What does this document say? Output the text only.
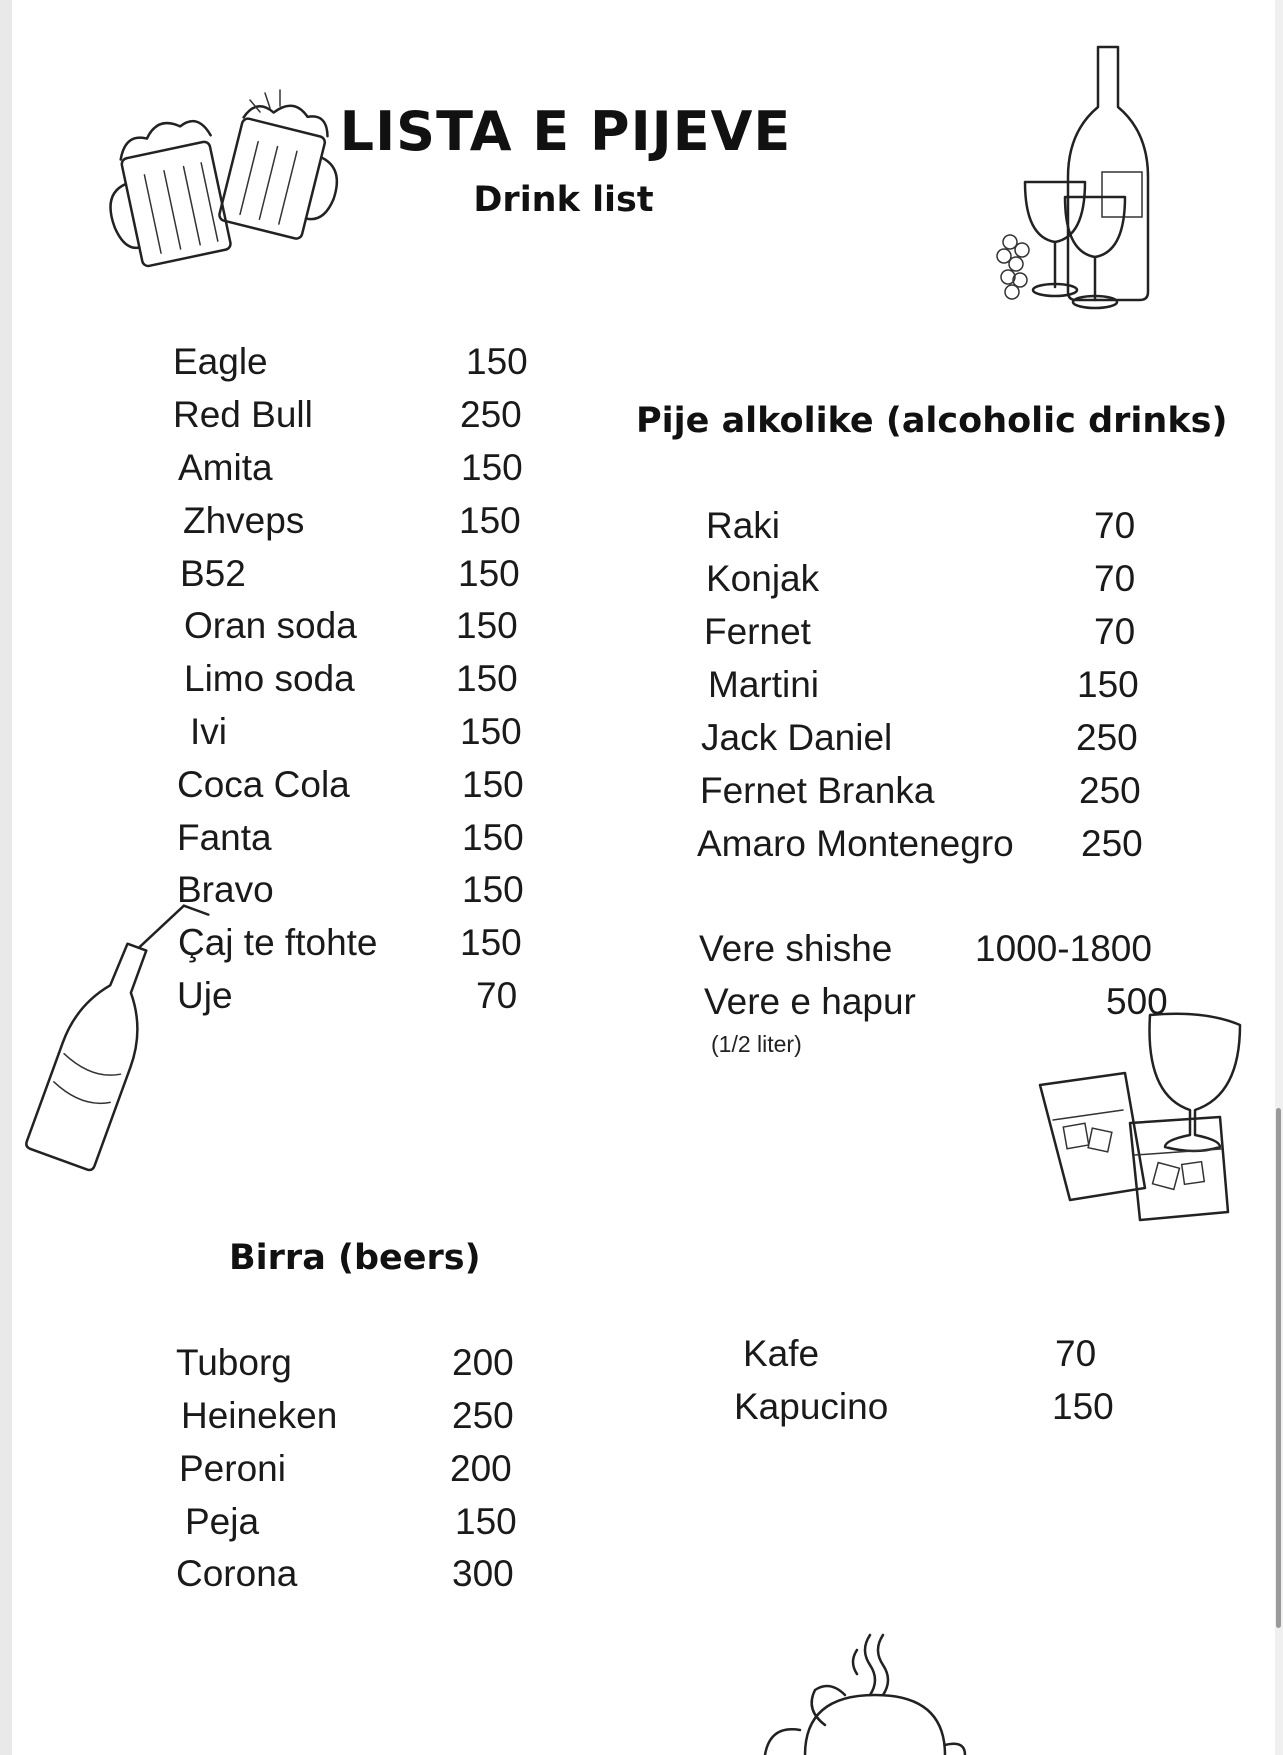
LISTA E PIJEVE
Drink list
Eagle	150
Red Bull	250
Amita	150
Zhveps	150
B52	150
Oran soda	150
Limo soda	150
Ivi	150
Coca Cola	150
Fanta	150
Bravo	150
Çaj te ftohte 150
Uje	70
Pije alkolike (alcoholic drinks)
Raki	70
Konjak	70
Fernet	70
Martini	150
Jack Daniel	250
Fernet Branka	250
Amaro Montenegro 250
Vere shishe 1000-1800
Vere e hapur	500
(1/2 liter)
Birra (beers)
Tuborg	200
Heineken	250
Peroni	200
Peja	150
Corona	300
Kafe	70
Kapucino	150
